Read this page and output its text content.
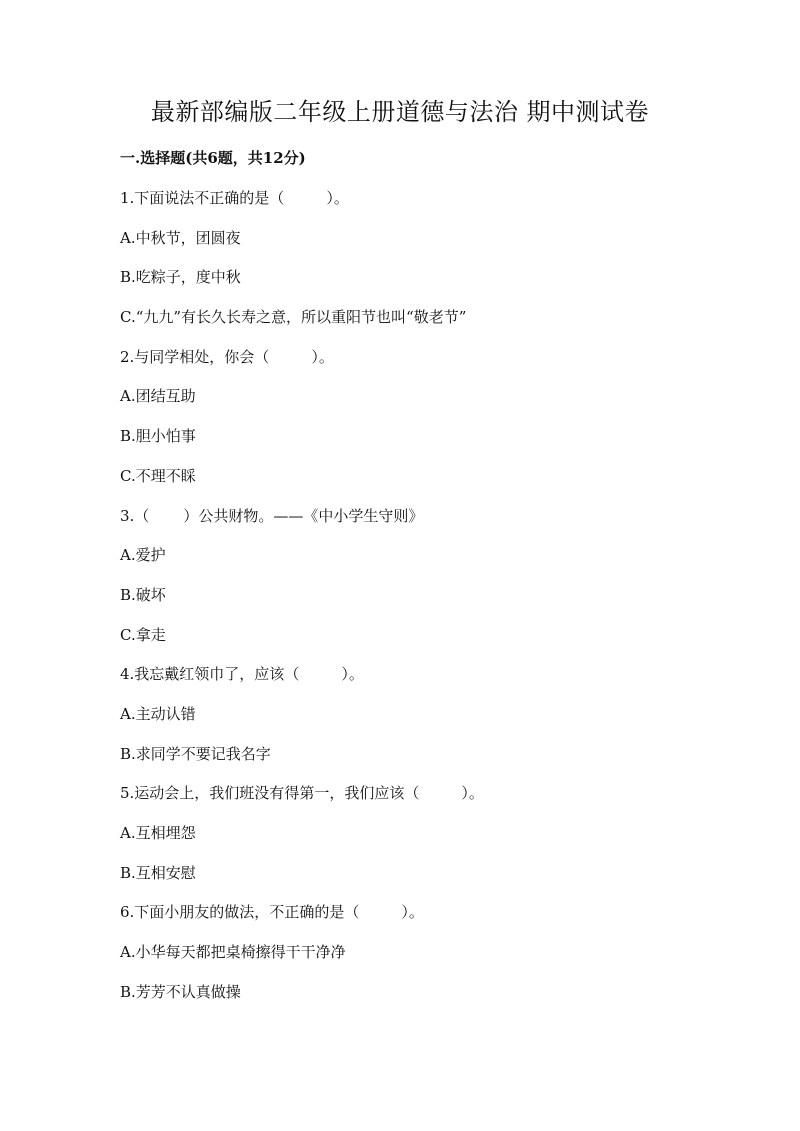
最新部编版二年级上册道德与法治 期中测试卷
一.选择题(共6题，共12分)
1.下面说法不正确的是（	）。
A.中秋节，团圆夜
B.吃粽子，度中秋
C.“九九”有长久长寿之意，所以重阳节也叫“敬老节”
2.与同学相处，你会（	）。
A.团结互助
B.胆小怕事
C.不理不睬
3.（ ）公共财物。——《中小学生守则》
A.爱护
B.破坏
C.拿走
4.我忘戴红领巾了，应该（	）。
A.主动认错
B.求同学不要记我名字
5.运动会上，我们班没有得第一，我们应该（	）。
A.互相埋怨
B.互相安慰
6.下面小朋友的做法，不正确的是（	）。
A.小华每天都把桌椅擦得干干净净
B.芳芳不认真做操
